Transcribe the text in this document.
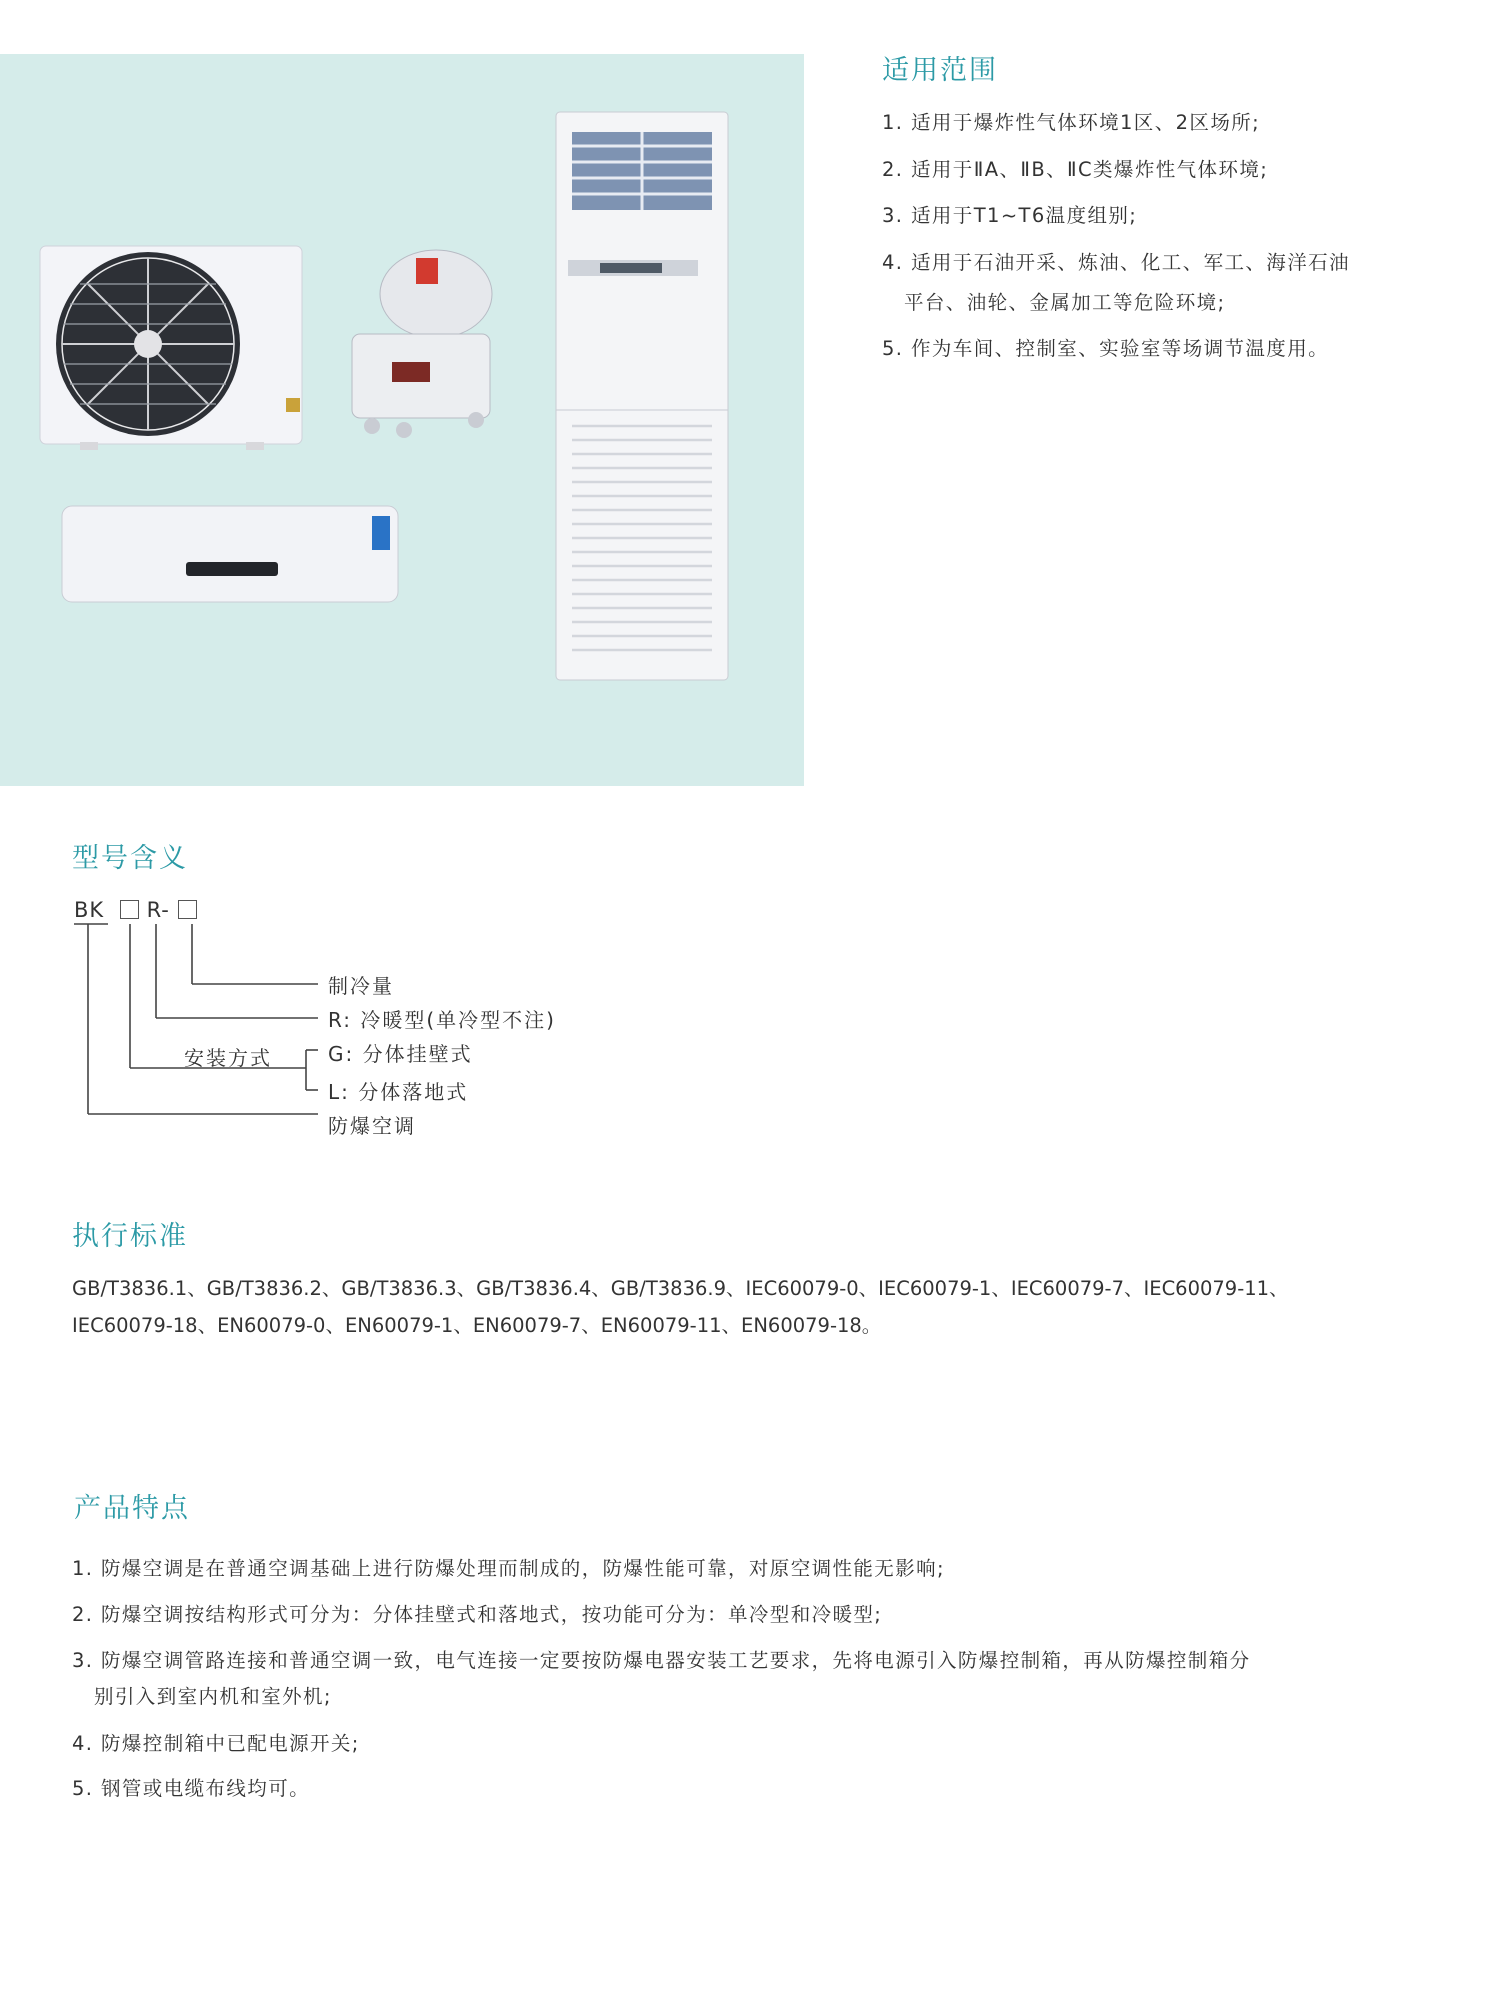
适用范围
1. 适用于爆炸性气体环境1区、2区场所;
2. 适用于ⅡA、ⅡB、ⅡC类爆炸性气体环境;
3. 适用于T1~T6温度组别;
4. 适用于石油开采、炼油、化工、军工、海洋石油
平台、油轮、金属加工等危险环境;
5. 作为车间、控制室、实验室等场调节温度用。
型号含义
BK R-
制冷量
R: 冷暖型(单冷型不注)
安装方式	G: 分体挂壁式
L: 分体落地式
防爆空调
执行标准
GB/T3836.1、GB/T3836.2、GB/T3836.3、GB/T3836.4、GB/T3836.9、IEC60079-0、IEC60079-1、IEC60079-7、IEC60079-11、
IEC60079-18、EN60079-0、EN60079-1、EN60079-7、EN60079-11、EN60079-18。
产品特点
1. 防爆空调是在普通空调基础上进行防爆处理而制成的，防爆性能可靠，对原空调性能无影响;
2. 防爆空调按结构形式可分为：分体挂壁式和落地式，按功能可分为：单冷型和冷暖型;
3. 防爆空调管路连接和普通空调一致，电气连接一定要按防爆电器安装工艺要求，先将电源引入防爆控制箱，再从防爆控制箱分
别引入到室内机和室外机;
4. 防爆控制箱中已配电源开关;
5. 钢管或电缆布线均可。
